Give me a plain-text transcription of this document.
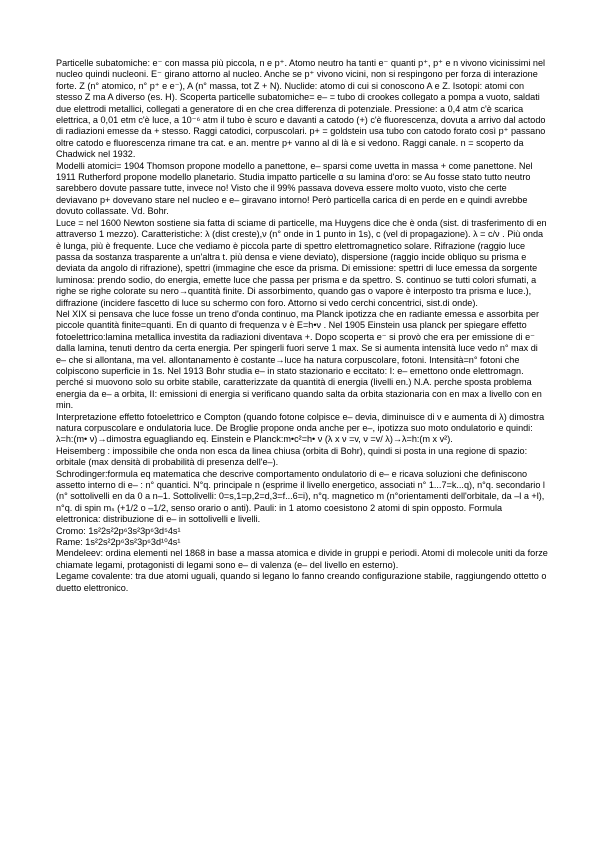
Particelle subatomiche: e⁻ con massa più piccola, n e p⁺. Atomo neutro ha tanti e⁻ quanti p⁺, p⁺ e n vivono vicinissimi nel nucleo quindi nucleoni. E⁻ girano attorno al nucleo. Anche se p⁺ vivono vicini, non si respingono per forza di interazione forte. Z (n° atomico, n° p⁺ e e⁻), A (n° massa, tot Z + N). Nuclide: atomo di cui si conoscono A e Z. Isotopi: atomi con stesso Z ma A diverso (es. H). Scoperta particelle subatomiche= e– = tubo di crookes collegato a pompa a vuoto, saldati due elettrodi metallici, collegati a generatore di en che crea differenza di potenziale. Pressione: a 0,4 atm c'è scarica elettrica, a 0,01 etm c'è luce, a 10⁻⁶ atm il tubo è scuro e davanti a catodo (+) c'è fluorescenza, dovuta a arrivo dal actodo di radiazioni emesse da + stesso. Raggi catodici, corpuscolari. p+ = goldstein usa tubo con catodo forato così p⁺ passano oltre catodo e fluorescenza rimane tra cat. e an. mentre p+ vanno al di là e si vedono. Raggi canale. n = scoperto da Chadwick nel 1932.

Modelli atomici= 1904 Thomson propone modello a panettone, e– sparsi come uvetta in massa + come panettone. Nel 1911 Rutherford propone modello planetario. Studia impatto particelle α su lamina d'oro: se Au fosse stato tutto neutro sarebbero dovute passare tutte, invece no! Visto che il 99% passava doveva essere molto vuoto, visto che certe deviavano p+ dovevano stare nel nucleo e e– giravano intorno! Però particella carica di en perde en e quindi avrebbe dovuto collassate. Vd. Bohr.

Luce = nel 1600 Newton sostiene sia fatta di sciame di particelle, ma Huygens dice che è onda (sist. di trasferimento di en attraverso 1 mezzo). Caratteristiche: λ (dist creste),ν (n° onde in 1 punto in 1s), c (vel di propagazione). λ = c/ν . Più onda è lunga, più è frequente. Luce che vediamo è piccola parte di spettro elettromagnetico solare. Rifrazione (raggio luce passa da sostanza trasparente a un'altra t. più densa e viene deviato), dispersione (raggio incide obliquo su prisma e deviata da angolo di rifrazione), spettri (immagine che esce da prisma. Di emissione: spettri di luce emessa da sorgente luminosa: prendo sodio, do energia, emette luce che passa per prisma e da spettro. S. continuo se tutti colori sfumati, a righe se righe colorate su nero→quantità finite. Di assorbimento, quando gas o vapore è interposto tra prisma e luce.), diffrazione (incidere fascetto di luce su schermo con foro. Attorno si vedo cerchi concentrici, sist.di onde).

Nel XIX si pensava che luce fosse un treno d'onda continuo, ma Planck ipotizza che en radiante emessa e assorbita per piccole quantità finite=quanti. En di quanto di frequenza ν è E=h•ν . Nel 1905 Einstein usa planck per spiegare effetto fotoelettrico:lamina metallica investita da radiazioni diventava +. Dopo scoperta e⁻ si provò che era per emissione di e⁻ dalla lamina, tenuti dentro da certa energia. Per spingerli fuori serve 1 max. Se si aumenta intensità luce vedo n° max di e– che si allontana, ma vel. allontanamento è costante→luce ha natura corpuscolare, fotoni. Intensità=n° fotoni che colpiscono superficie in 1s. Nel 1913 Bohr studia e– in stato stazionario e eccitato: I: e– emettono onde elettromagn. perché si muovono solo su orbite stabile, caratterizzate da quantità di energia (livelli en.) N.A. perche sposta problema energia da e– a orbita, II: emissioni di energia si verificano quando salta da orbita stazionaria con en max a livello con en min.

Interpretazione effetto fotoelettrico e Compton (quando fotone colpisce e– devia, diminuisce di ν e aumenta di λ) dimostra natura corpuscolare e ondulatoria luce. De Broglie propone onda anche per e–, ipotizza suo moto ondulatorio e quindi: λ=h:(m• ν)→dimostra eguagliando eq. Einstein e Planck:m•c²=h• ν (λ x ν =v, ν =v/ λ)→λ=h:(m x v²).

Heisemberg : impossibile che onda non esca da linea chiusa (orbita di Bohr), quindi si posta in una regione di spazio: orbitale (max densità di probabilità di presenza dell'e–).

Schrodinger:formula eq matematica che descrive comportamento ondulatorio di e– e ricava soluzioni che definiscono assetto interno di e– : n° quantici. N°q. principale n (esprime il livello energetico, associati n° 1...7=k...q), n°q. secondario l (n° sottolivelli en da 0 a n–1. Sottolivelli: 0=s,1=p,2=d,3=f...6=i), n°q. magnetico m (n°orientamenti dell'orbitale, da –l a +l), n°q. di spin mₛ (+1/2 o –1/2, senso orario o anti). Pauli: in 1 atomo coesistono 2 atomi di spin opposto. Formula elettronica: distribuzione di e– in sottolivelli e livelli.

Cromo: 1s²2s²2p⁶3s²3p⁶3d⁵4s¹

Rame: 1s²2s²2p⁶3s²3p⁶3d¹⁰4s¹

Mendeleev: ordina elementi nel 1868 in base a massa atomica e divide in gruppi e periodi. Atomi di molecole uniti da forze chiamate legami, protagonisti di legami sono e– di valenza (e– del livello en esterno).

Legame covalente: tra due atomi uguali, quando si legano lo fanno creando configurazione stabile, raggiungendo ottetto o duetto elettronico.
